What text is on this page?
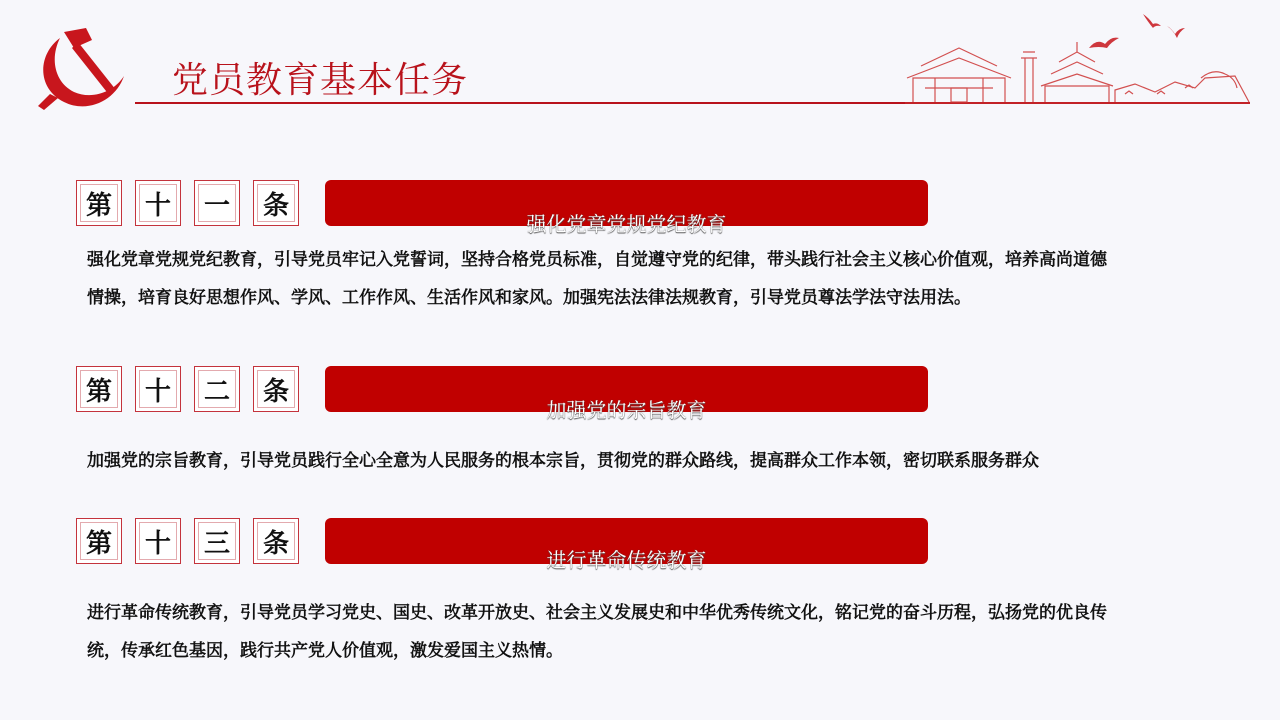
党员教育基本任务
第	十	一	条
强化党章党规党纪教育

强化党章党规党纪教育，引导党员牢记入党誓词，坚持合格党员标准，自觉遵守党的纪律，带头践行社会主义核心价值观，培养高尚道德情操，培育良好思想作风、学风、工作作风、生活作风和家风。加强宪法法律法规教育，引导党员尊法学法守法用法。

第	十	二	条
加强党的宗旨教育

加强党的宗旨教育，引导党员践行全心全意为人民服务的根本宗旨，贯彻党的群众路线，提高群众工作本领，密切联系服务群众

第	十	三	条
进行革命传统教育

进行革命传统教育，引导党员学习党史、国史、改革开放史、社会主义发展史和中华优秀传统文化，铭记党的奋斗历程，弘扬党的优良传统，传承红色基因，践行共产党人价值观，激发爱国主义热情。
